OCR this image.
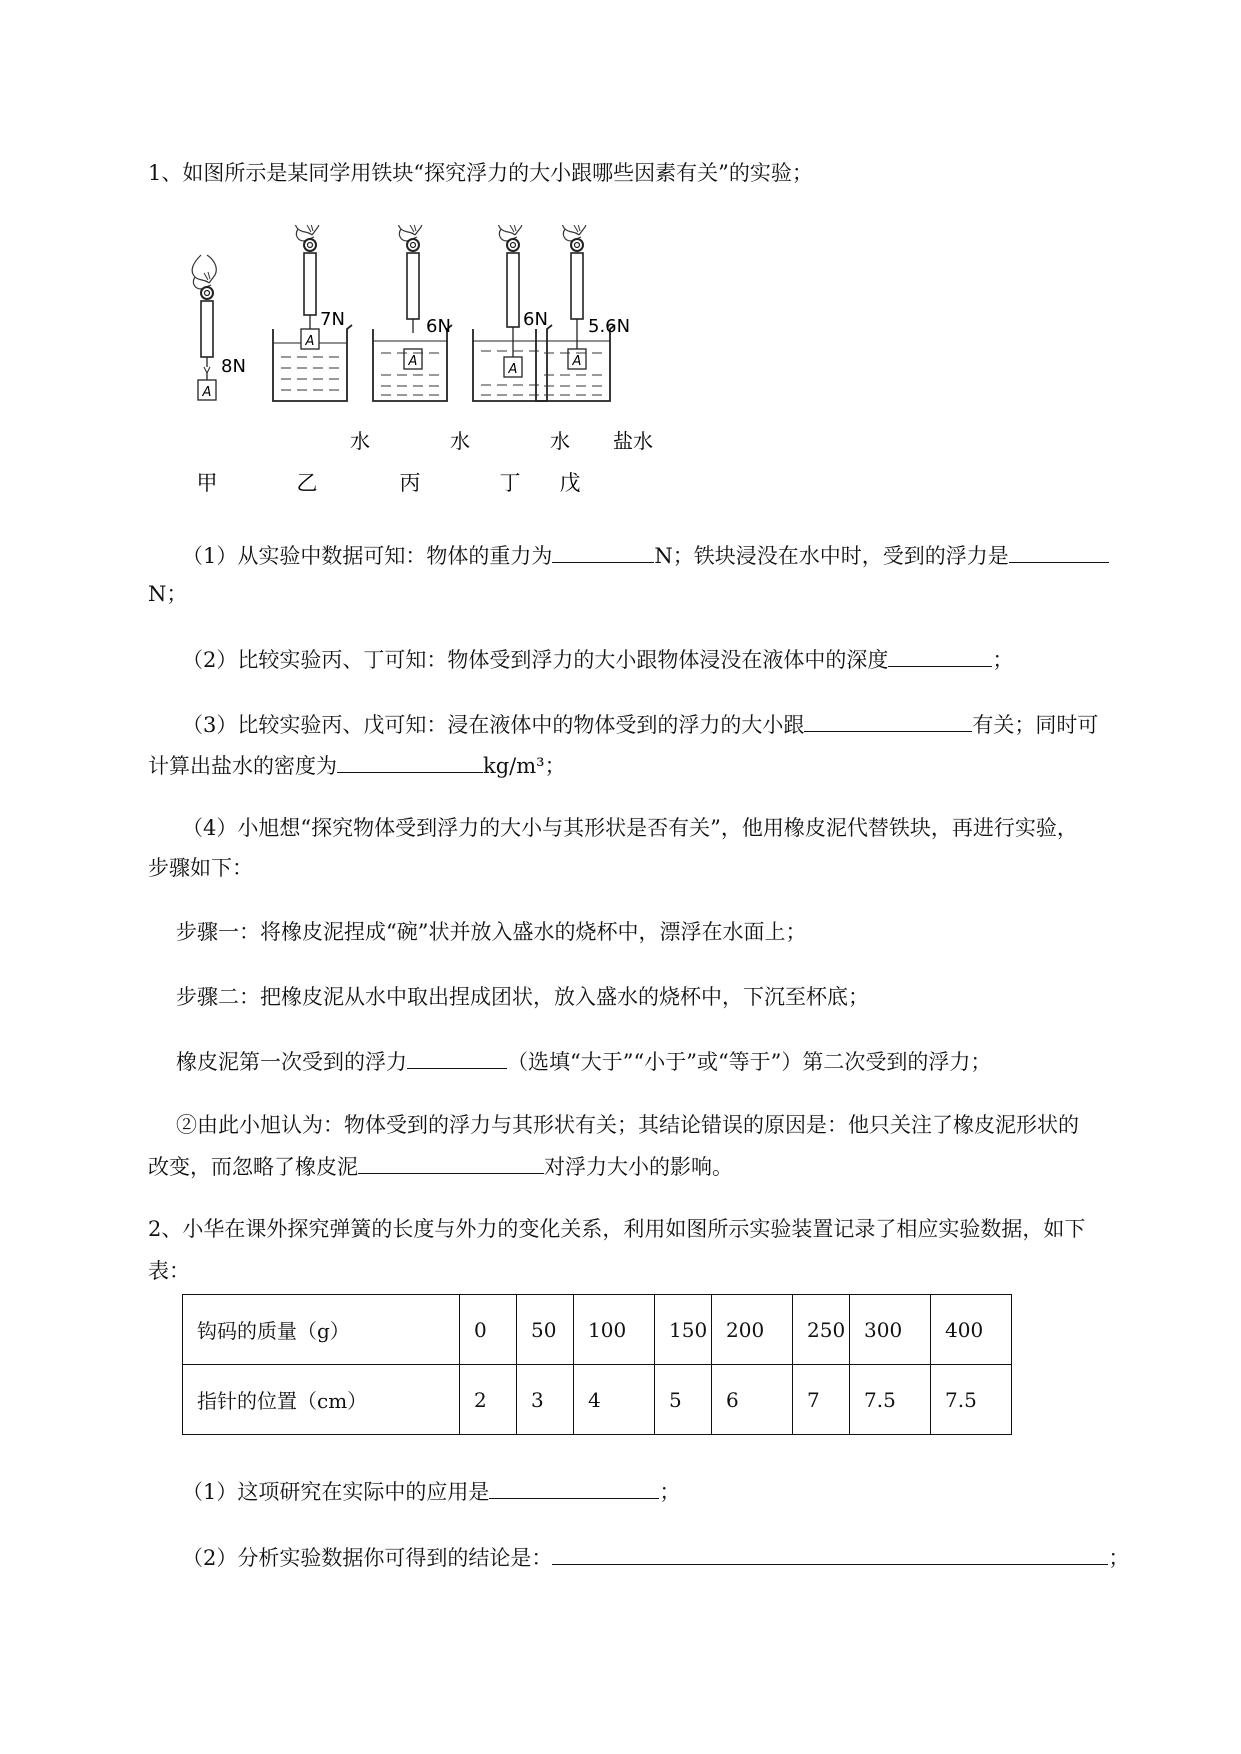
1、如图所示是某同学用铁块“探究浮力的大小跟哪些因素有关”的实验；
A
A
A
A
A
8N
7N	6N	6N 5.6N
水	水	水 盐水
甲	乙	丙	丁 戊
（1）从实验中数据可知：物体的重力为	N；铁块浸没在水中时，受到的浮力是
N；
（2）比较实验丙、丁可知：物体受到浮力的大小跟物体浸没在液体中的深度	；
（3）比较实验丙、戊可知：浸在液体中的物体受到的浮力的大小跟	有关；同时可
计算出盐水的密度为	kg/m³；
（4）小旭想“探究物体受到浮力的大小与其形状是否有关”，他用橡皮泥代替铁块，再进行实验，
步骤如下：
步骤一：将橡皮泥捏成“碗”状并放入盛水的烧杯中，漂浮在水面上；
步骤二：把橡皮泥从水中取出捏成团状，放入盛水的烧杯中，下沉至杯底；
橡皮泥第一次受到的浮力	（选填“大于”“小于”或“等于”）第二次受到的浮力；
②由此小旭认为：物体受到的浮力与其形状有关；其结论错误的原因是：他只关注了橡皮泥形状的
改变，而忽略了橡皮泥	对浮力大小的影响。
2、小华在课外探究弹簧的长度与外力的变化关系，利用如图所示实验装置记录了相应实验数据，如下
表：
钩码的质量（g）	0	50	100	150	200	250	300	400
指针的位置（cm）	2	3	4	5	6	7	7.5	7.5
（1）这项研究在实际中的应用是	；
（2）分析实验数据你可得到的结论是：	；
